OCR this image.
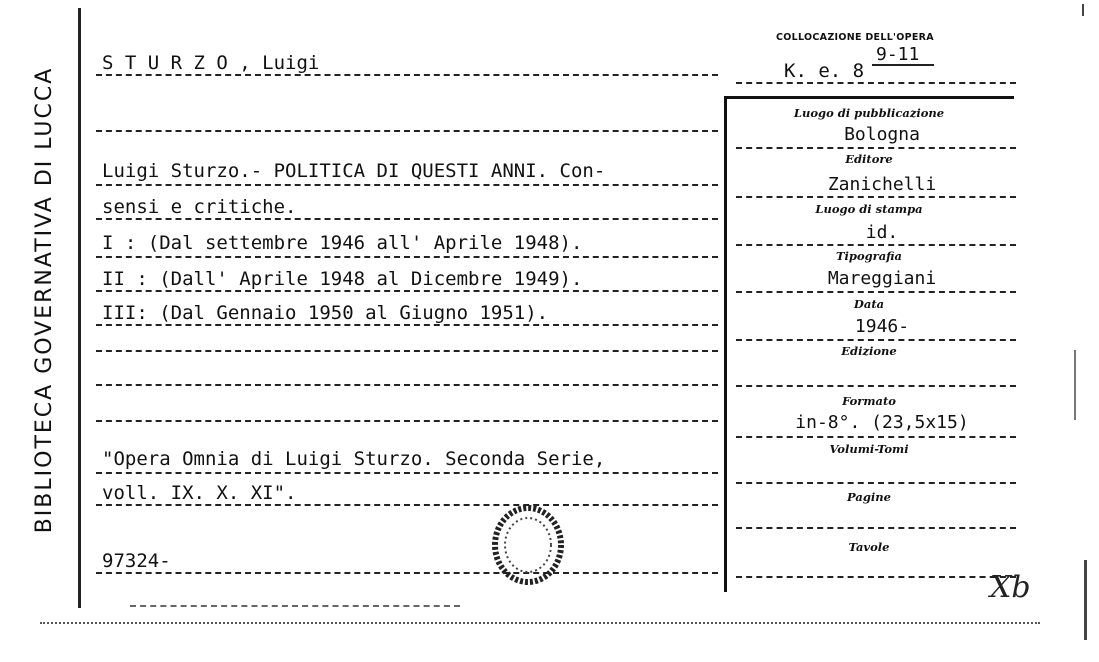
BIBLIOTECA GOVERNATIVA DI LUCCA
COLLOCAZIONE DELL'OPERA
9-11
K. e. 8
S T U R Z O , Luigi
Luigi Sturzo.- POLITICA DI QUESTI ANNI. Con-
sensi e critiche.
I : (Dal settembre 1946 all' Aprile 1948).
II : (Dall' Aprile 1948 al Dicembre 1949).
III: (Dal Gennaio 1950 al Giugno 1951).
"Opera Omnia di Luigi Sturzo. Seconda Serie,
voll. IX. X. XI".
97324-
Luogo di pubblicazione
Bologna
Editore
Zanichelli
Luogo di stampa
id.
Tipografia
Mareggiani
Data
1946-
Edizione
Formato
in-8°. (23,5x15)
Volumi-Tomi
Pagine
Tavole
Xb
